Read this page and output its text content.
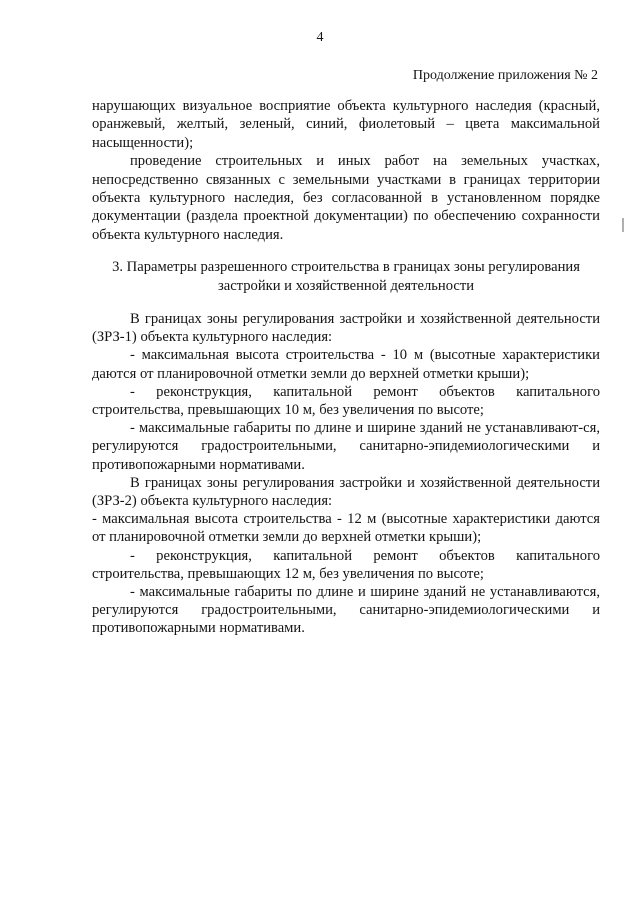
4
Продолжение приложения № 2

нарушающих визуальное восприятие объекта культурного наследия (красный, оранжевый, желтый, зеленый, синий, фиолетовый – цвета максимальной насыщенности);

проведение строительных и иных работ на земельных участках, непосредственно связанных с земельными участками в границах территории объекта культурного наследия, без согласованной в установленном порядке документации (раздела проектной документации) по обеспечению сохранности объекта культурного наследия.

3. Параметры разрешенного строительства в границах зоны регулирования застройки и хозяйственной деятельности

В границах зоны регулирования застройки и хозяйственной деятельности (ЗРЗ-1) объекта культурного наследия:

- максимальная высота строительства - 10 м (высотные характеристики даются от планировочной отметки земли до верхней отметки крыши);

- реконструкция, капитальной ремонт объектов капитального строительства, превышающих 10 м, без увеличения по высоте;

- максимальные габариты по длине и ширине зданий не устанавливают-ся, регулируются градостроительными, санитарно-эпидемиологическими и противопожарными нормативами.

В границах зоны регулирования застройки и хозяйственной деятельности (ЗРЗ-2) объекта культурного наследия:

- максимальная высота строительства - 12 м (высотные характеристики даются от планировочной отметки земли до верхней отметки крыши);

- реконструкция, капитальной ремонт объектов капитального строительства, превышающих 12 м, без увеличения по высоте;

- максимальные габариты по длине и ширине зданий не устанавливаются, регулируются градостроительными, санитарно-эпидемиологическими и противопожарными нормативами.
